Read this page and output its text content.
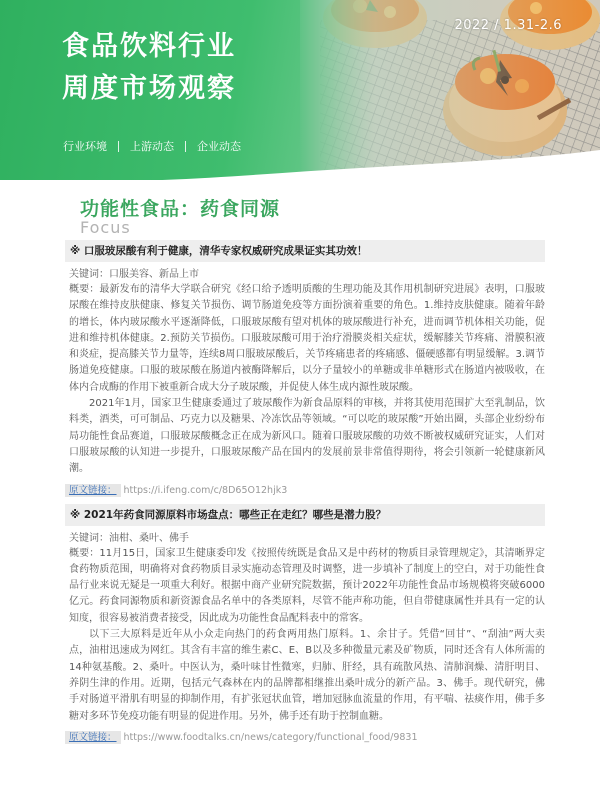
食品饮料行业
周度市场观察
2022 / 1.31-2.6
行业环境 上游动态 企业动态
功能性食品：药食同源
Focus
※ 口服玻尿酸有利于健康，清华专家权威研究成果证实其功效！
关键词：口服美容、新品上市

概要：最新发布的清华大学联合研究《经口给予透明质酸的生理功能及其作用机制研究进展》表明，口服玻尿酸在维持皮肤健康、修复关节损伤、调节肠道免疫等方面扮演着重要的角色。1.维持皮肤健康。随着年龄的增长，体内玻尿酸水平逐渐降低，口服玻尿酸有望对机体的玻尿酸进行补充，进而调节机体相关功能，促进和维持机体健康。2.预防关节损伤。口服玻尿酸可用于治疗滑膜炎相关症状，缓解膝关节疼痛、滑膜积液和炎症，提高膝关节力量等，连续8周口服玻尿酸后，关节疼痛患者的疼痛感、僵硬感都有明显缓解。3.调节肠道免疫健康。口服的玻尿酸在肠道内被酶降解后，以分子量较小的单糖或非单糖形式在肠道内被吸收，在体内合成酶的作用下被重新合成大分子玻尿酸，并促使人体生成内源性玻尿酸。

2021年1月，国家卫生健康委通过了玻尿酸作为新食品原料的审核，并将其使用范围扩大至乳制品，饮料类，酒类，可可制品、巧克力以及糖果、冷冻饮品等领域。“可以吃的玻尿酸”开始出圈，头部企业纷纷布局功能性食品赛道，口服玻尿酸概念正在成为新风口。随着口服玻尿酸的功效不断被权威研究证实，人们对口服玻尿酸的认知进一步提升，口服玻尿酸产品在国内的发展前景非常值得期待，将会引领新一轮健康新风潮。

原文链接： https://i.ifeng.com/c/8D65O12hjk3
※ 2021年药食同源原料市场盘点：哪些正在走红？哪些是潜力股？
关键词：油柑、桑叶、佛手

概要：11月15日，国家卫生健康委印发《按照传统既是食品又是中药材的物质目录管理规定》，其清晰界定食药物质范围，明确将对食药物质目录实施动态管理及时调整，进一步填补了制度上的空白，对于功能性食品行业来说无疑是一项重大利好。根据中商产业研究院数据，预计2022年功能性食品市场规模将突破6000亿元。药食同源物质和新资源食品名单中的各类原料，尽管不能声称功能，但自带健康属性并具有一定的认知度，很容易被消费者接受，因此成为功能性食品配料表中的常客。

以下三大原料是近年从小众走向热门的药食两用热门原料。1、余甘子。凭借“回甘”、“刮油”两大卖点，油柑迅速成为网红。其含有丰富的维生素C、E、B以及多种微量元素及矿物质，同时还含有人体所需的14种氨基酸。2、桑叶。中医认为，桑叶味甘性微寒，归肺、肝经，具有疏散风热、清肺润燥、清肝明目、养阴生津的作用。近期，包括元气森林在内的品牌都相继推出桑叶成分的新产品。3、佛手。现代研究，佛手对肠道平滑肌有明显的抑制作用，有扩张冠状血管，增加冠脉血流量的作用，有平喘、祛痰作用，佛手多糖对多环节免疫功能有明显的促进作用。另外，佛手还有助于控制血糖。

原文链接： https://www.foodtalks.cn/news/category/functional_food/9831
